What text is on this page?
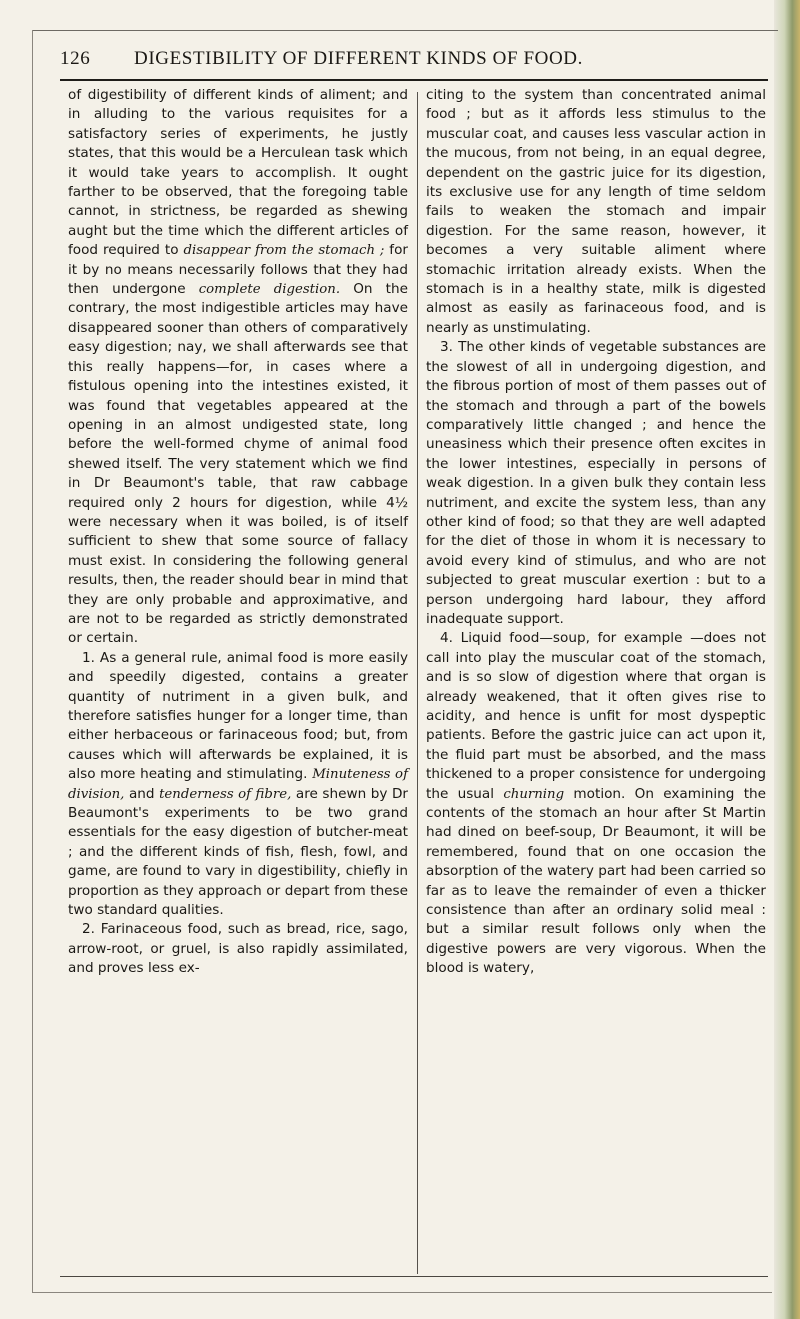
126 DIGESTIBILITY OF DIFFERENT KINDS OF FOOD.

of digestibility of different kinds of aliment; and in alluding to the various requisites for a satisfactory series of experiments, he justly states, that this would be a Herculean task which it would take years to accomplish. It ought farther to be observed, that the foregoing table cannot, in strictness, be regarded as shewing aught but the time which the different articles of food required to disappear from the stomach ; for it by no means necessarily follows that they had then undergone complete digestion. On the contrary, the most indigestible articles may have disappeared sooner than others of comparatively easy digestion; nay, we shall afterwards see that this really happens—for, in cases where a fistulous opening into the intestines existed, it was found that vegetables appeared at the opening in an almost undigested state, long before the well-formed chyme of animal food shewed itself. The very statement which we find in Dr Beaumont's table, that raw cabbage required only 2 hours for digestion, while 4½ were necessary when it was boiled, is of itself sufficient to shew that some source of fallacy must exist. In considering the following general results, then, the reader should bear in mind that they are only probable and approximative, and are not to be regarded as strictly demonstrated or certain.

1. As a general rule, animal food is more easily and speedily digested, contains a greater quantity of nutriment in a given bulk, and therefore satisfies hunger for a longer time, than either herbaceous or farinaceous food; but, from causes which will afterwards be explained, it is also more heating and stimulating. Minuteness of division, and tenderness of fibre, are shewn by Dr Beaumont's experiments to be two grand essentials for the easy digestion of butcher-meat ; and the different kinds of fish, flesh, fowl, and game, are found to vary in digestibility, chiefly in proportion as they approach or depart from these two standard qualities.

2. Farinaceous food, such as bread, rice, sago, arrow-root, or gruel, is also rapidly assimilated, and proves less ex-

citing to the system than concentrated animal food ; but as it affords less stimulus to the muscular coat, and causes less vascular action in the mucous, from not being, in an equal degree, dependent on the gastric juice for its digestion, its exclusive use for any length of time seldom fails to weaken the stomach and impair digestion. For the same reason, however, it becomes a very suitable aliment where stomachic irritation already exists. When the stomach is in a healthy state, milk is digested almost as easily as farinaceous food, and is nearly as unstimulating.

3. The other kinds of vegetable substances are the slowest of all in undergoing digestion, and the fibrous portion of most of them passes out of the stomach and through a part of the bowels comparatively little changed ; and hence the uneasiness which their presence often excites in the lower intestines, especially in persons of weak digestion. In a given bulk they contain less nutriment, and excite the system less, than any other kind of food; so that they are well adapted for the diet of those in whom it is necessary to avoid every kind of stimulus, and who are not subjected to great muscular exertion : but to a person undergoing hard labour, they afford inadequate support.

4. Liquid food—soup, for example —does not call into play the muscular coat of the stomach, and is so slow of digestion where that organ is already weakened, that it often gives rise to acidity, and hence is unfit for most dyspeptic patients. Before the gastric juice can act upon it, the fluid part must be absorbed, and the mass thickened to a proper consistence for undergoing the usual churning motion. On examining the contents of the stomach an hour after St Martin had dined on beef-soup, Dr Beaumont, it will be remembered, found that on one occasion the absorption of the watery part had been carried so far as to leave the remainder of even a thicker consistence than after an ordinary solid meal : but a similar result follows only when the digestive powers are very vigorous. When the blood is watery,
